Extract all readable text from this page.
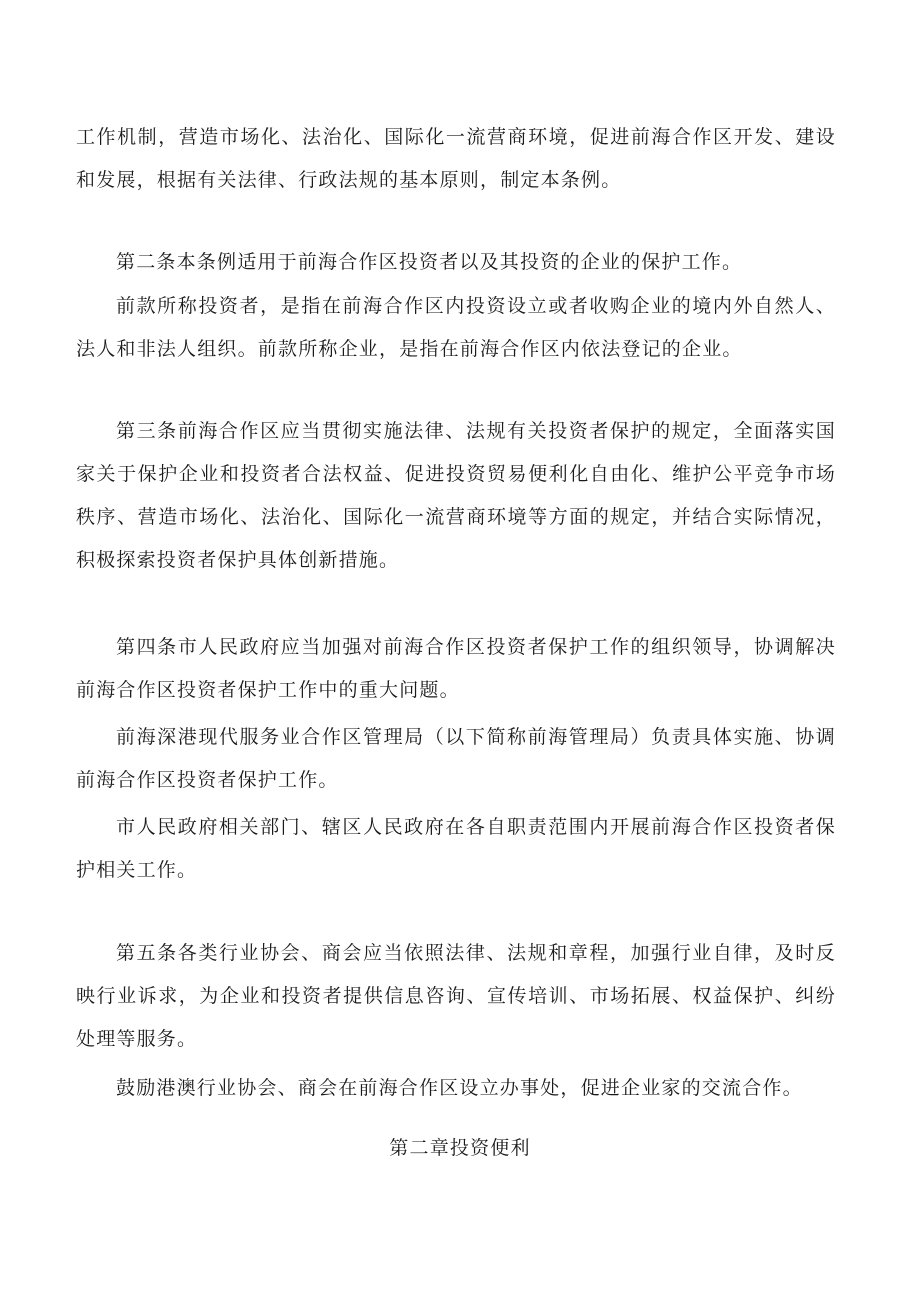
工作机制，营造市场化、法治化、国际化一流营商环境，促进前海合作区开发、建设和发展，根据有关法律、行政法规的基本原则，制定本条例。

第二条本条例适用于前海合作区投资者以及其投资的企业的保护工作。

前款所称投资者，是指在前海合作区内投资设立或者收购企业的境内外自然人、法人和非法人组织。前款所称企业，是指在前海合作区内依法登记的企业。

第三条前海合作区应当贯彻实施法律、法规有关投资者保护的规定，全面落实国家关于保护企业和投资者合法权益、促进投资贸易便利化自由化、维护公平竞争市场秩序、营造市场化、法治化、国际化一流营商环境等方面的规定，并结合实际情况，积极探索投资者保护具体创新措施。

第四条市人民政府应当加强对前海合作区投资者保护工作的组织领导，协调解决前海合作区投资者保护工作中的重大问题。

前海深港现代服务业合作区管理局（以下简称前海管理局）负责具体实施、协调前海合作区投资者保护工作。

市人民政府相关部门、辖区人民政府在各自职责范围内开展前海合作区投资者保护相关工作。

第五条各类行业协会、商会应当依照法律、法规和章程，加强行业自律，及时反映行业诉求，为企业和投资者提供信息咨询、宣传培训、市场拓展、权益保护、纠纷处理等服务。

鼓励港澳行业协会、商会在前海合作区设立办事处，促进企业家的交流合作。

第二章投资便利
